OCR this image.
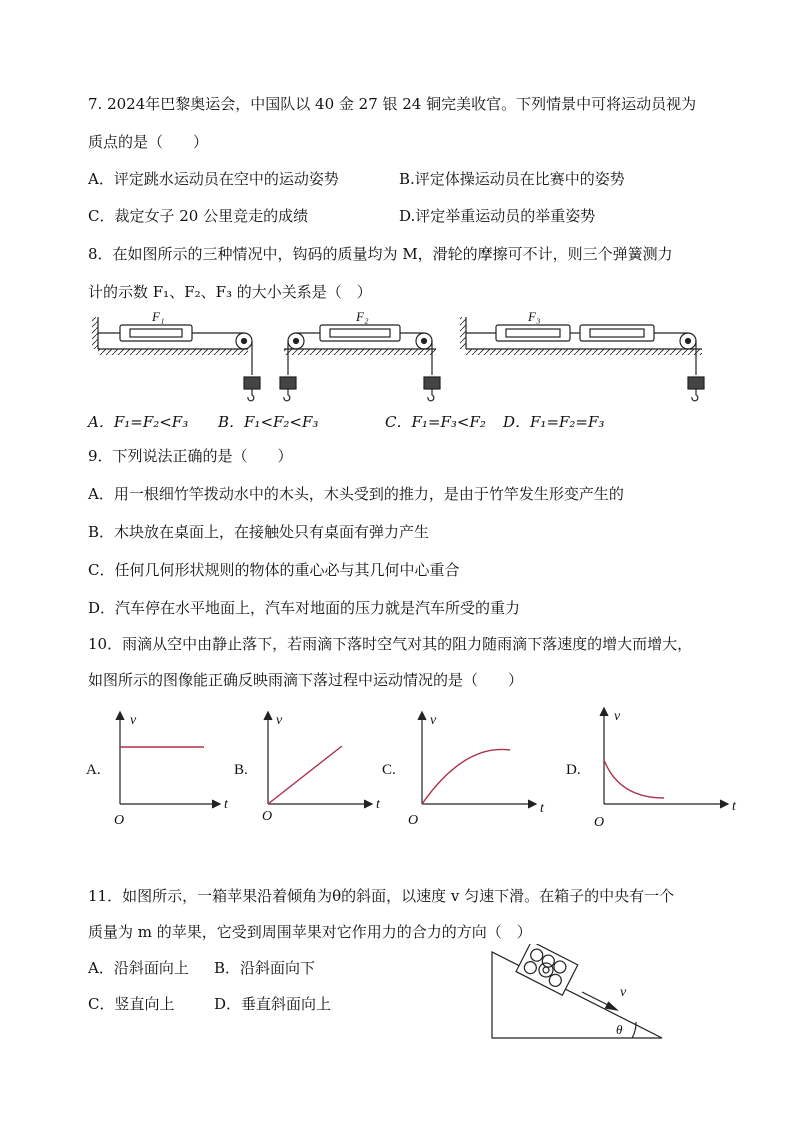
7. 2024年巴黎奥运会，中国队以 40 金 27 银 24 铜完美收官。下列情景中可将运动员视为
质点的是（　　）
A．评定跳水运动员在空中的运动姿势	B.评定体操运动员在比赛中的姿势
C．裁定女子 20 公里竞走的成绩	D.评定举重运动员的举重姿势
8．在如图所示的三种情况中，钩码的质量均为 M，滑轮的摩擦可不计，则三个弹簧测力
计的示数 F₁、F₂、F₃ 的大小关系是（　）
F₁	F₂	F₃
A．F₁=F₂<F₃ B．F₁<F₂<F₃	C．F₁=F₃<F₂ D．F₁=F₂=F₃
9．下列说法正确的是（　　）
A．用一根细竹竿拨动水中的木头，木头受到的推力，是由于竹竿发生形变产生的
B．木块放在桌面上，在接触处只有桌面有弹力产生
C．任何几何形状规则的物体的重心必与其几何中心重合
D．汽车停在水平地面上，汽车对地面的压力就是汽车所受的重力
10．雨滴从空中由静止落下，若雨滴下落时空气对其的阻力随雨滴下落速度的增大而增大，
如图所示的图像能正确反映雨滴下落过程中运动情况的是（　　）
v
t
v
t
v
t
v
t
O	O	O	O
A.	B.	C.	D.
11．如图所示，一箱苹果沿着倾角为θ的斜面，以速度 v 匀速下滑。在箱子的中央有一个
质量为 m 的苹果，它受到周围苹果对它作用力的合力的方向（　）
A．沿斜面向上 B．沿斜面向下
C．竖直向上	D．垂直斜面向上
v
θ
